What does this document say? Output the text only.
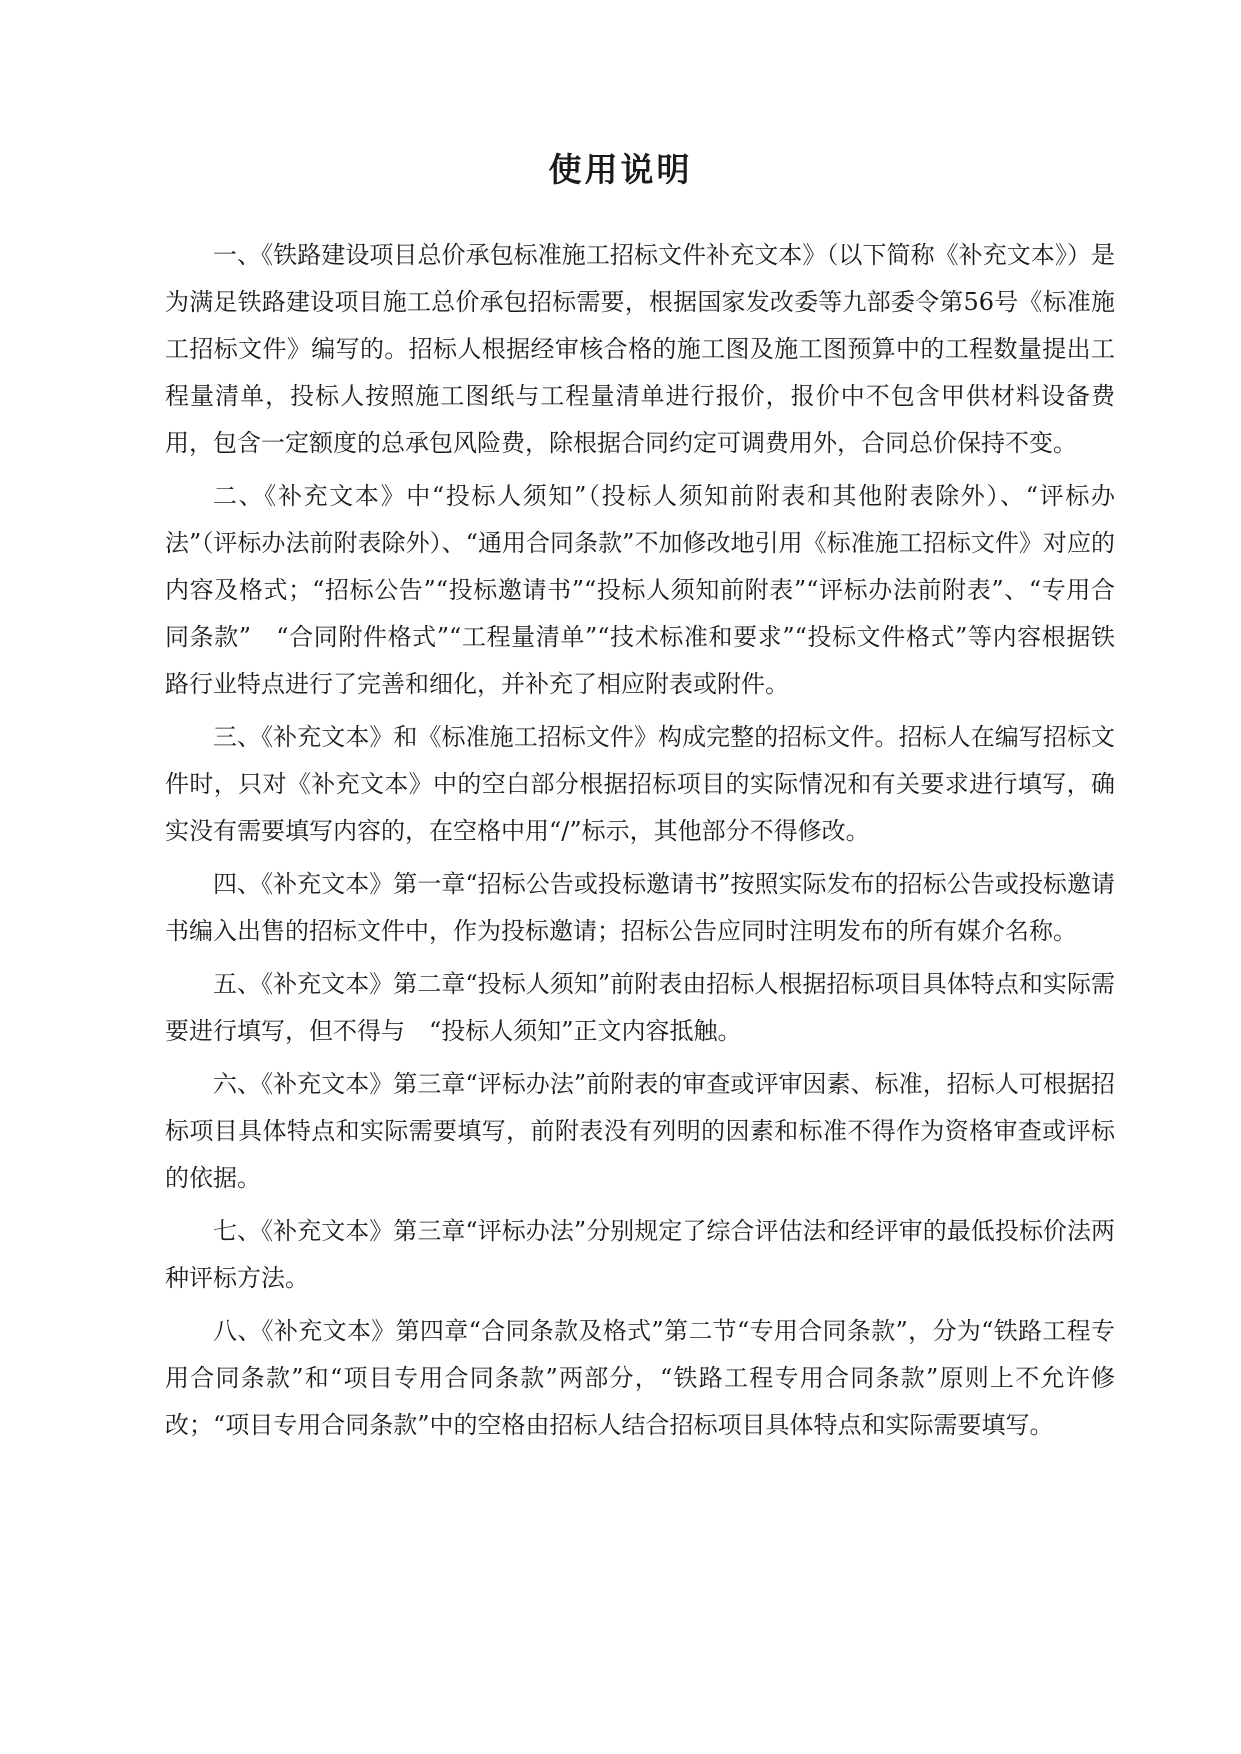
使用说明

一、《铁路建设项目总价承包标准施工招标文件补充文本》（以下简称《补充文本》）是为满足铁路建设项目施工总价承包招标需要，根据国家发改委等九部委令第56号《标准施工招标文件》编写的。招标人根据经审核合格的施工图及施工图预算中的工程数量提出工程量清单，投标人按照施工图纸与工程量清单进行报价，报价中不包含甲供材料设备费用，包含一定额度的总承包风险费，除根据合同约定可调费用外，合同总价保持不变。

二、《补充文本》中“投标人须知”（投标人须知前附表和其他附表除外）、“评标办法”（评标办法前附表除外）、“通用合同条款”不加修改地引用《标准施工招标文件》对应的内容及格式；“招标公告”“投标邀请书”“投标人须知前附表”“评标办法前附表”、“专用合同条款”　“合同附件格式”“工程量清单”“技术标准和要求”“投标文件格式”等内容根据铁路行业特点进行了完善和细化，并补充了相应附表或附件。

三、《补充文本》和《标准施工招标文件》构成完整的招标文件。招标人在编写招标文件时，只对《补充文本》中的空白部分根据招标项目的实际情况和有关要求进行填写，确实没有需要填写内容的，在空格中用“/”标示，其他部分不得修改。

四、《补充文本》第一章“招标公告或投标邀请书”按照实际发布的招标公告或投标邀请书编入出售的招标文件中，作为投标邀请；招标公告应同时注明发布的所有媒介名称。

五、《补充文本》第二章“投标人须知”前附表由招标人根据招标项目具体特点和实际需要进行填写，但不得与　“投标人须知”正文内容抵触。

六、《补充文本》第三章“评标办法”前附表的审查或评审因素、标准，招标人可根据招标项目具体特点和实际需要填写，前附表没有列明的因素和标准不得作为资格审查或评标的依据。

七、《补充文本》第三章“评标办法”分别规定了综合评估法和经评审的最低投标价法两种评标方法。

八、《补充文本》第四章“合同条款及格式”第二节“专用合同条款”，分为“铁路工程专用合同条款”和“项目专用合同条款”两部分，“铁路工程专用合同条款”原则上不允许修改；“项目专用合同条款”中的空格由招标人结合招标项目具体特点和实际需要填写。
